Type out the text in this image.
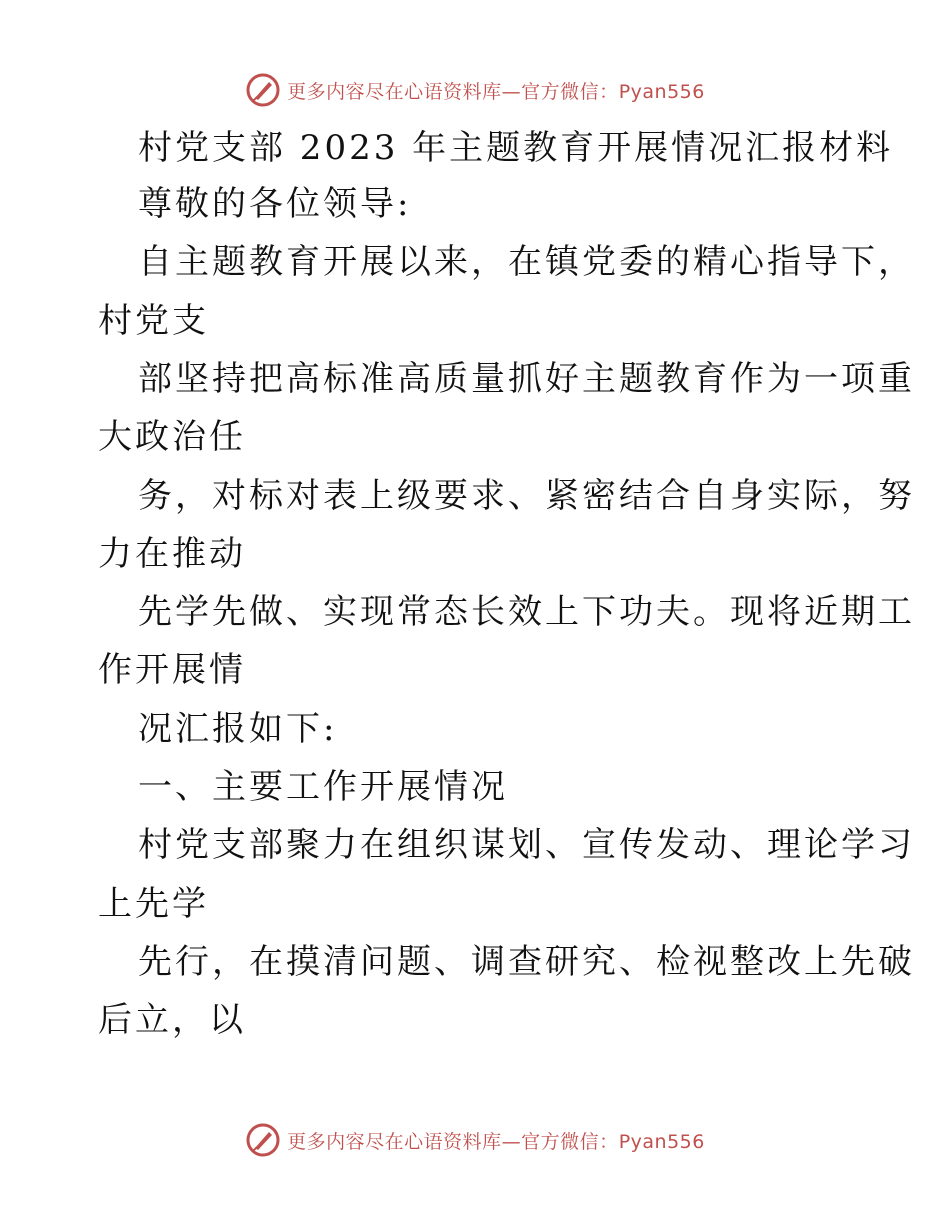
更多内容尽在心语资料库—官方微信：Pyan556
村党支部 2023 年主题教育开展情况汇报材料
尊敬的各位领导:
自主题教育开展以来，在镇党委的精心指导下，
村党支
部坚持把高标准高质量抓好主题教育作为一项重
大政治任
务，对标对表上级要求、紧密结合自身实际，努
力在推动
先学先做、实现常态长效上下功夫。现将近期工
作开展情
况汇报如下:
一、主要工作开展情况
村党支部聚力在组织谋划、宣传发动、理论学习
上先学
先行，在摸清问题、调查研究、检视整改上先破
后立，以
更多内容尽在心语资料库—官方微信：Pyan556
